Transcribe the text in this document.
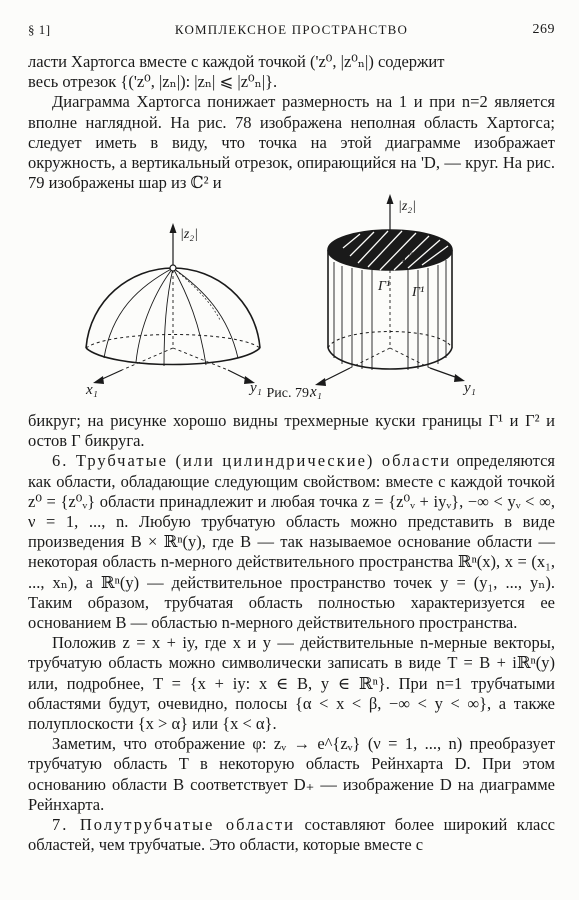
§ 1]	КОМПЛЕКСНОЕ ПРОСТРАНСТВО	269

ласти Хартогса вместе с каждой точкой ('z⁰, |z⁰ₙ|) содержит

весь отрезок {('z⁰, |zₙ|): |zₙ| ⩽ |z⁰ₙ|}.

Диаграмма Хартогса понижает размерность на 1 и при n=2 является вполне наглядной. На рис. 78 изображена неполная область Хартогса; следует иметь в виду, что точка на этой диаграмме изображает окружность, а вертикальный отрезок, опирающийся на 'D, — круг. На рис. 79 изображены шар из ℂ² и

|z₂|
x₁	y₁
|z₂|
Γ²
Γ¹ Γ¹
x₁	y₁
Рис. 79.

бикруг; на рисунке хорошо видны трехмерные куски границы Γ¹ и Γ² и остов Γ бикруга.

6. Трубчатые (или цилиндрические) области определяются как области, обладающие следующим свойством: вместе с каждой точкой z⁰ = {z⁰ᵥ} области принадлежит и любая точка z = {z⁰ᵥ + iyᵥ}, −∞ < yᵥ < ∞, ν = 1, ..., n. Любую трубчатую область можно представить в виде произведения B × ℝⁿ(y), где B — так называемое основание области — некоторая область n-мерного действительного пространства ℝⁿ(x), x = (x₁, ..., xₙ), а ℝⁿ(y) — действительное пространство точек y = (y₁, ..., yₙ). Таким образом, трубчатая область полностью характеризуется ее основанием B — областью n-мерного действительного пространства.

Положив z = x + iy, где x и y — действительные n-мерные векторы, трубчатую область можно символически записать в виде T = B + iℝⁿ(y) или, подробнее, T = {x + iy: x ∈ B, y ∈ ℝⁿ}. При n=1 трубчатыми областями будут, очевидно, полосы {α < x < β, −∞ < y < ∞}, а также полуплоскости {x > α} или {x < α}.

Заметим, что отображение φ: zᵥ → e^{zᵥ} (ν = 1, ..., n) преобразует трубчатую область T в некоторую область Рейнхарта D. При этом основанию области B соответствует D₊ — изображение D на диаграмме Рейнхарта.

7. Полутрубчатые области составляют более широкий класс областей, чем трубчатые. Это области, которые вместе с
